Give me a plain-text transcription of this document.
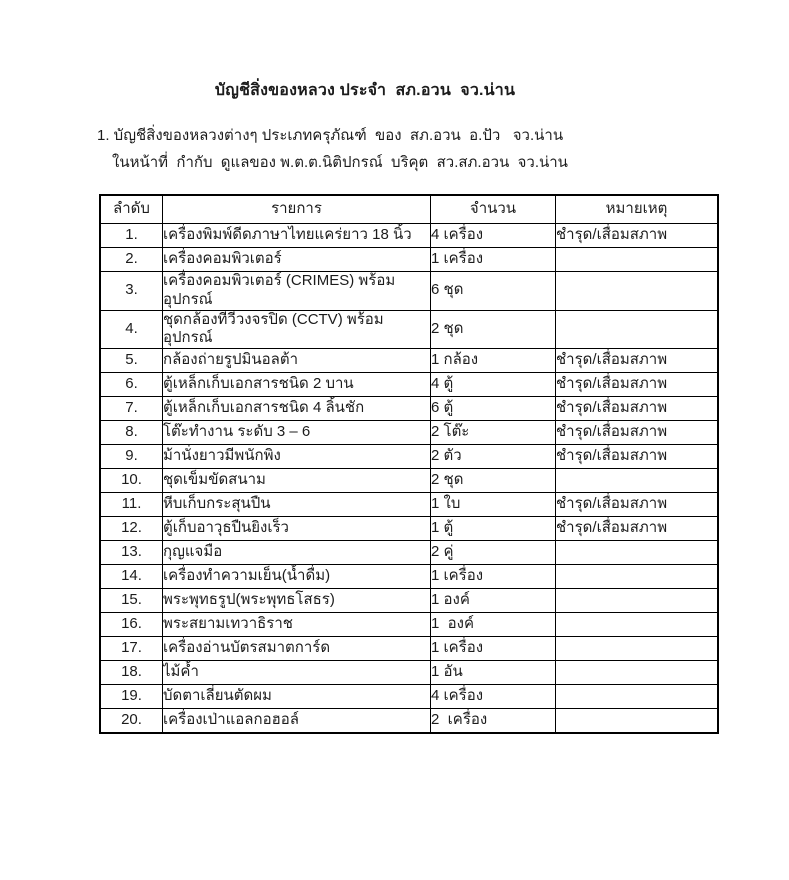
บัญชีสิ่งของหลวง ประจำ  สภ.อวน  จว.น่าน
1. บัญชีสิ่งของหลวงต่างๆ ประเภทครุภัณฑ์  ของ  สภ.อวน  อ.ปัว   จว.น่าน
ในหน้าที่  กำกับ  ดูแลของ พ.ต.ต.นิติปกรณ์  บริคุต  สว.สภ.อวน  จว.น่าน
ลำดับ	รายการ	จำนวน	หมายเหตุ
1.	เครื่องพิมพ์ดีดภาษาไทยแคร่ยาว 18 นิ้ว	4 เครื่อง	ชำรุด/เสื่อมสภาพ
2.	เครื่องคอมพิวเตอร์	1 เครื่อง	
3.	เครื่องคอมพิวเตอร์ (CRIMES) พร้อมอุปกรณ์	6 ชุด	
4.	ชุดกล้องทีวีวงจรปิด (CCTV) พร้อมอุปกรณ์	2 ชุด	
5.	กล้องถ่ายรูปมินอลต้า	1 กล้อง	ชำรุด/เสื่อมสภาพ
6.	ตู้เหล็กเก็บเอกสารชนิด 2 บาน	4 ตู้	ชำรุด/เสื่อมสภาพ
7.	ตู้เหล็กเก็บเอกสารชนิด 4 ลิ้นชัก	6 ตู้	ชำรุด/เสื่อมสภาพ
8.	โต๊ะทำงาน ระดับ 3 – 6	2 โต๊ะ	ชำรุด/เสื่อมสภาพ
9.	ม้านั่งยาวมีพนักพิง	2 ตัว	ชำรุด/เสื่อมสภาพ
10.	ชุดเข็มขัดสนาม	2 ชุด	
11.	หีบเก็บกระสุนปืน	1 ใบ	ชำรุด/เสื่อมสภาพ
12.	ตู้เก็บอาวุธปืนยิงเร็ว	1 ตู้	ชำรุด/เสื่อมสภาพ
13.	กุญแจมือ	2 คู่	
14.	เครื่องทำความเย็น(น้ำดื่ม)	1 เครื่อง	
15.	พระพุทธรูป(พระพุทธโสธร)	1 องค์	
16.	พระสยามเทวาธิราช	1  องค์	
17.	เครื่องอ่านบัตรสมาตการ์ด	1 เครื่อง	
18.	ไม้ค้ำ	1 อัน	
19.	บัดตาเลี่ยนตัดผม	4 เครื่อง	
20.	เครื่องเป่าแอลกอฮอล์	2  เครื่อง	
